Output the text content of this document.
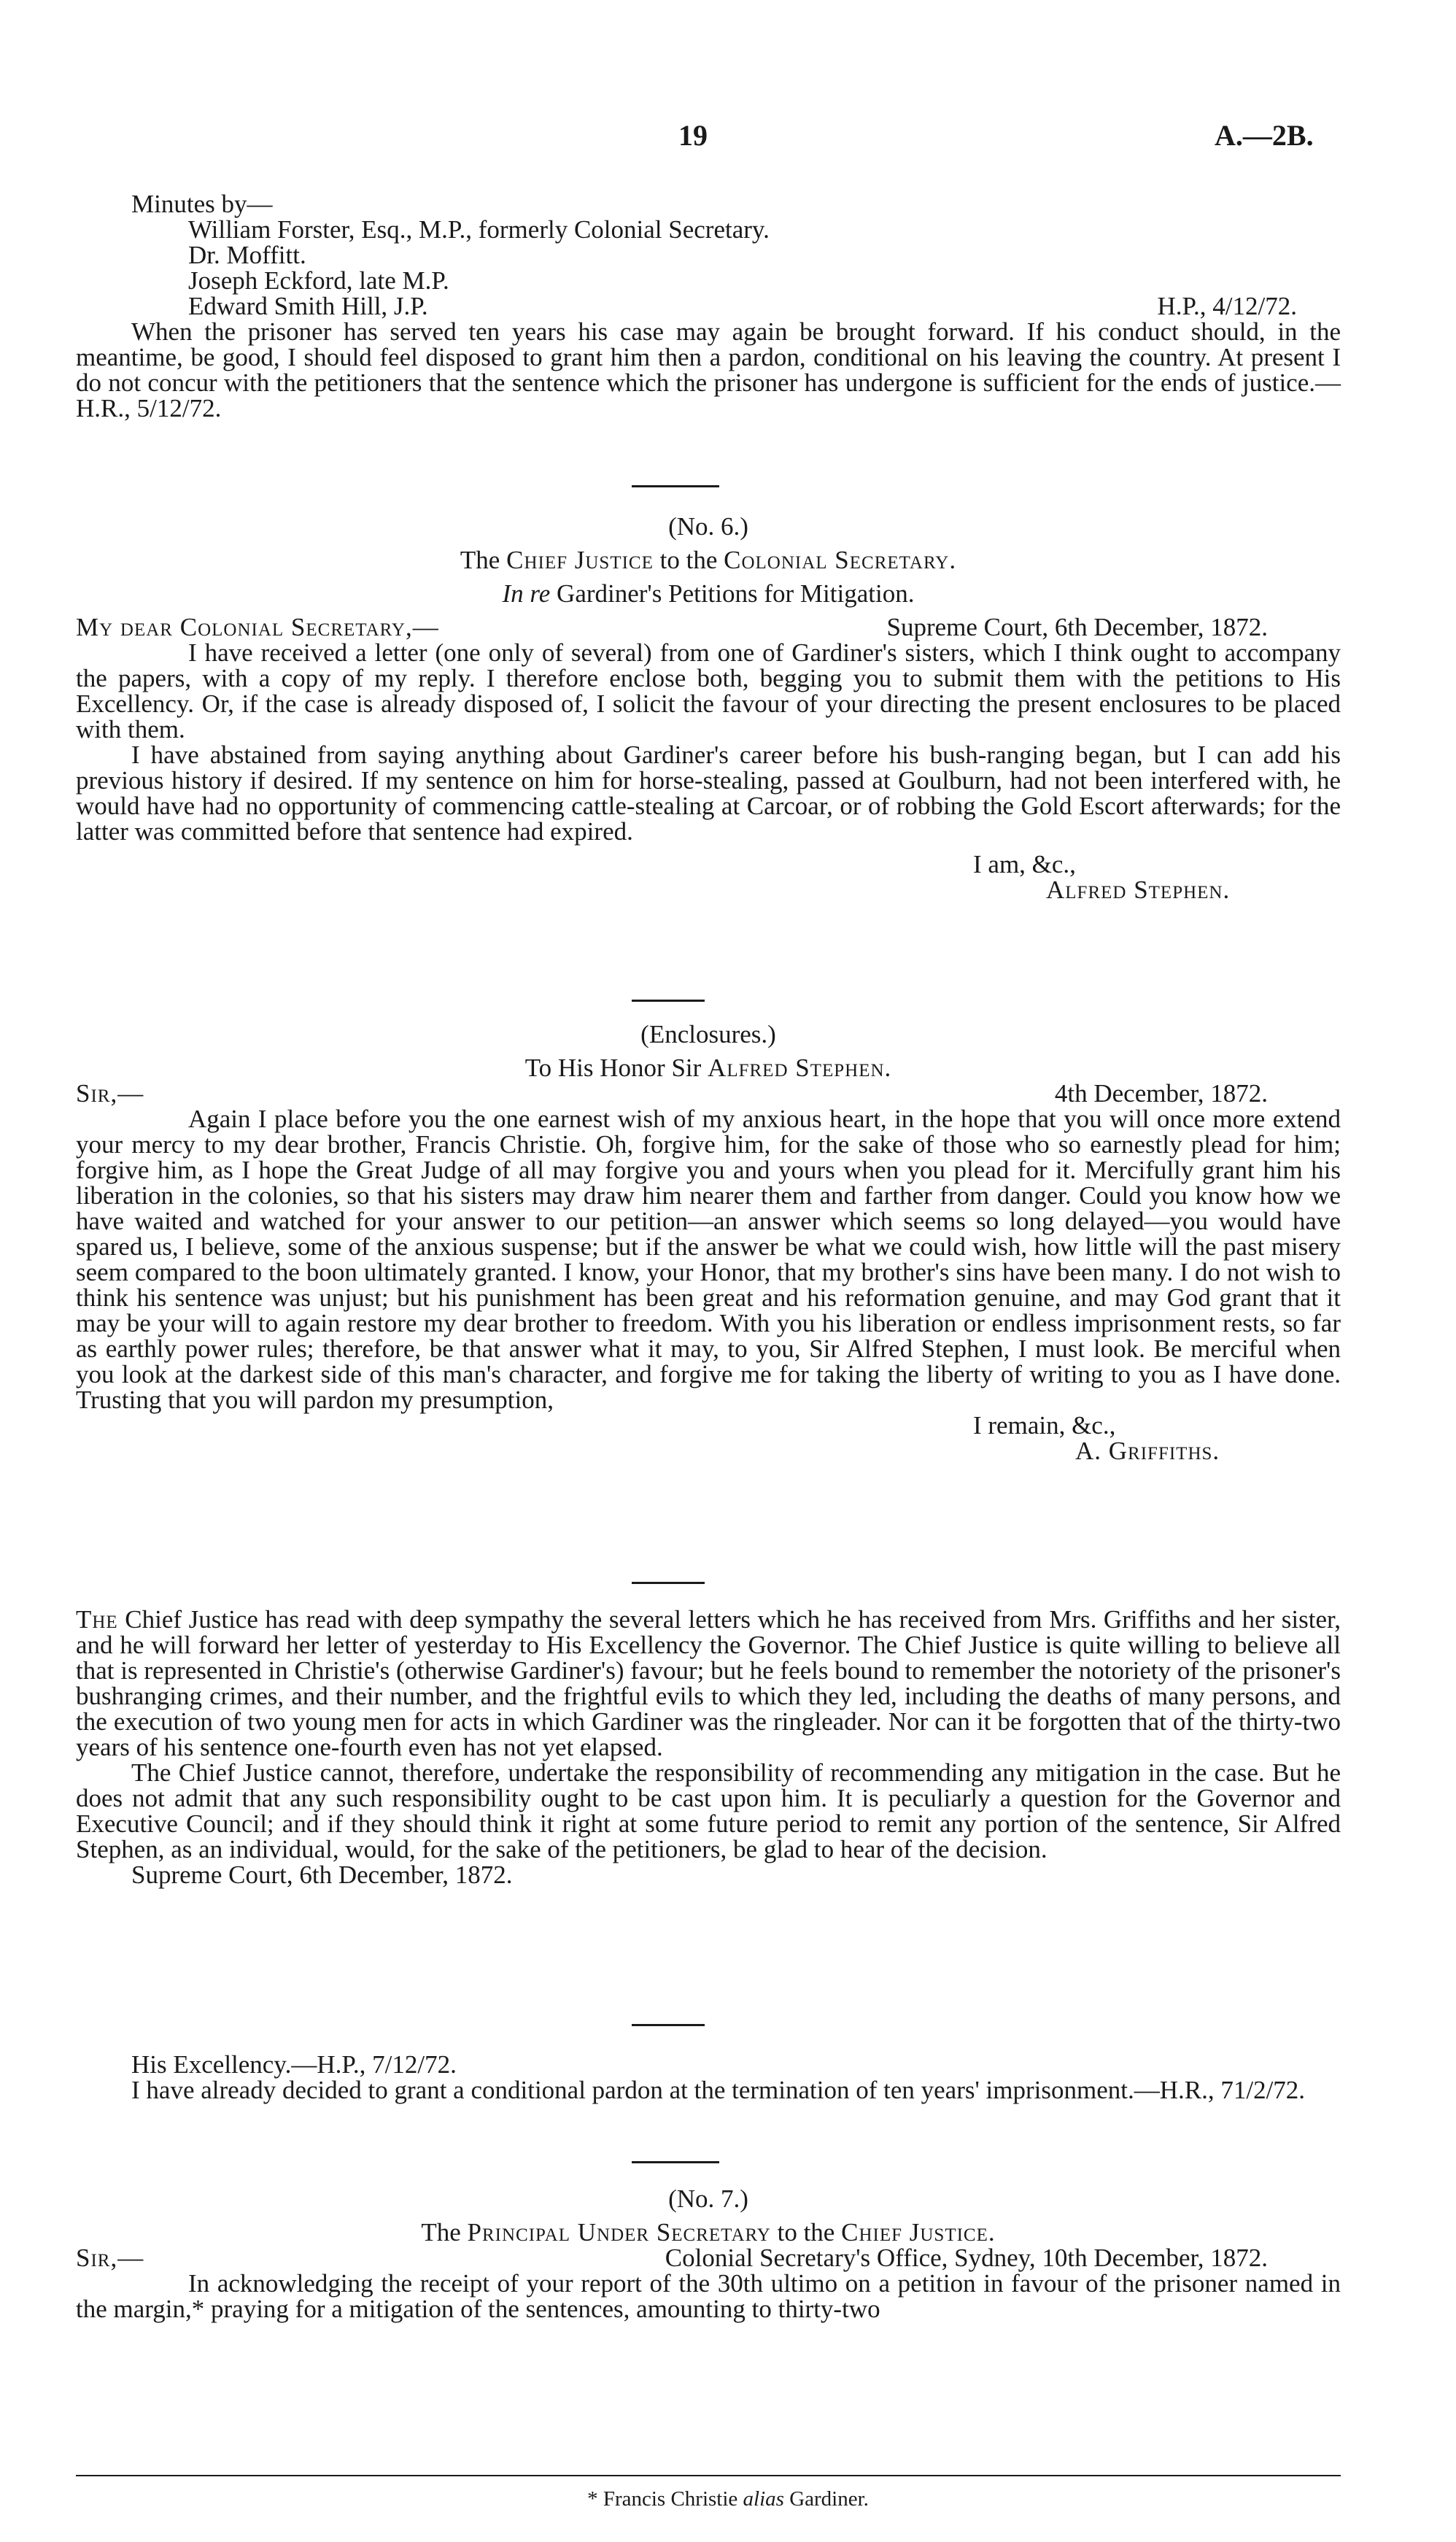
19	A.—2B.
Minutes by—
William Forster, Esq., M.P., formerly Colonial Secretary.
Dr. Moffitt.
Joseph Eckford, late M.P.
Edward Smith Hill, J.P.	H.P., 4/12/72.
When the prisoner has served ten years his case may again be brought forward. If his conduct should, in the meantime, be good, I should feel disposed to grant him then a pardon, conditional on his leaving the country. At present I do not concur with the petitioners that the sentence which the prisoner has undergone is sufficient for the ends of justice.—H.R., 5/12/72.
(No. 6.)
The Chief Justice to the Colonial Secretary.
In re Gardiner's Petitions for Mitigation.
My dear Colonial Secretary,—	Supreme Court, 6th December, 1872.
I have received a letter (one only of several) from one of Gardiner's sisters, which I think ought to accompany the papers, with a copy of my reply. I therefore enclose both, begging you to submit them with the petitions to His Excellency. Or, if the case is already disposed of, I solicit the favour of your directing the present enclosures to be placed with them.
I have abstained from saying anything about Gardiner's career before his bush-ranging began, but I can add his previous history if desired. If my sentence on him for horse-stealing, passed at Goulburn, had not been interfered with, he would have had no opportunity of commencing cattle-stealing at Carcoar, or of robbing the Gold Escort afterwards; for the latter was committed before that sentence had expired.
I am, &c.,
Alfred Stephen.
(Enclosures.)
To His Honor Sir Alfred Stephen.
Sir,—	4th December, 1872.
Again I place before you the one earnest wish of my anxious heart, in the hope that you will once more extend your mercy to my dear brother, Francis Christie. Oh, forgive him, for the sake of those who so earnestly plead for him; forgive him, as I hope the Great Judge of all may forgive you and yours when you plead for it. Mercifully grant him his liberation in the colonies, so that his sisters may draw him nearer them and farther from danger. Could you know how we have waited and watched for your answer to our petition—an answer which seems so long delayed—you would have spared us, I believe, some of the anxious suspense; but if the answer be what we could wish, how little will the past misery seem compared to the boon ultimately granted. I know, your Honor, that my brother's sins have been many. I do not wish to think his sentence was unjust; but his punishment has been great and his reformation genuine, and may God grant that it may be your will to again restore my dear brother to freedom. With you his liberation or endless imprisonment rests, so far as earthly power rules; therefore, be that answer what it may, to you, Sir Alfred Stephen, I must look. Be merciful when you look at the darkest side of this man's character, and forgive me for taking the liberty of writing to you as I have done. Trusting that you will pardon my presumption,
I remain, &c.,
A. Griffiths.
The Chief Justice has read with deep sympathy the several letters which he has received from Mrs. Griffiths and her sister, and he will forward her letter of yesterday to His Excellency the Governor. The Chief Justice is quite willing to believe all that is represented in Christie's (otherwise Gardiner's) favour; but he feels bound to remember the notoriety of the prisoner's bushranging crimes, and their number, and the frightful evils to which they led, including the deaths of many persons, and the execution of two young men for acts in which Gardiner was the ringleader. Nor can it be forgotten that of the thirty-two years of his sentence one-fourth even has not yet elapsed.
The Chief Justice cannot, therefore, undertake the responsibility of recommending any mitigation in the case. But he does not admit that any such responsibility ought to be cast upon him. It is peculiarly a question for the Governor and Executive Council; and if they should think it right at some future period to remit any portion of the sentence, Sir Alfred Stephen, as an individual, would, for the sake of the petitioners, be glad to hear of the decision.
Supreme Court, 6th December, 1872.
His Excellency.—H.P., 7/12/72.
I have already decided to grant a conditional pardon at the termination of ten years' imprisonment.—H.R., 71/2/72.
(No. 7.)
The Principal Under Secretary to the Chief Justice.
Sir,—	Colonial Secretary's Office, Sydney, 10th December, 1872.
In acknowledging the receipt of your report of the 30th ultimo on a petition in favour of the prisoner named in the margin,* praying for a mitigation of the sentences, amounting to thirty-two
* Francis Christie alias Gardiner.
